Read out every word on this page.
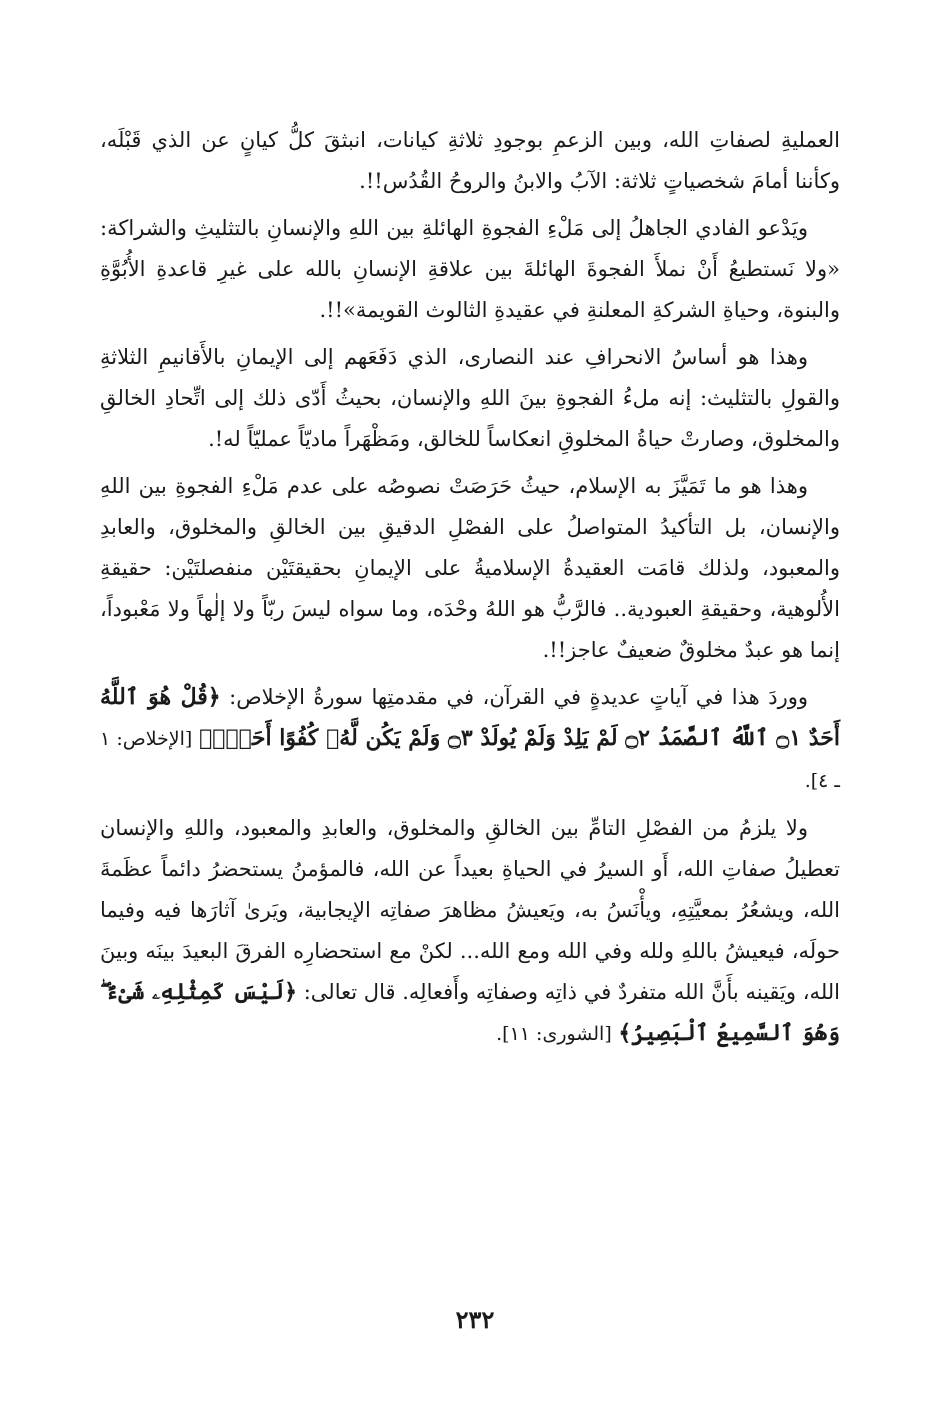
العمليةِ لصفاتِ الله، وبين الزعمِ بوجودِ ثلاثةِ كيانات، انبثقَ كلُّ كيانٍ عن الذي قَبْلَه، وكأننا أمامَ شخصياتٍ ثلاثة: الآبُ والابنُ والروحُ القُدُس!!.

ويَدْعو الفادي الجاهلُ إلى مَلْءِ الفجوةِ الهائلةِ بين اللهِ والإنسانِ بالتثليثِ والشراكة: «ولا نَستطيعُ أَنْ نملأَ الفجوةَ الهائلةَ بين علاقةِ الإنسانِ بالله على غيرِ قاعدةِ الأُبُوَّةِ والبنوة، وحياةِ الشركةِ المعلنةِ في عقيدةِ الثالوث القويمة»!!.

وهذا هو أساسُ الانحرافِ عند النصارى، الذي دَفَعَهم إلى الإيمانِ بالأَقانيمِ الثلاثةِ والقولِ بالتثليث: إنه ملءُ الفجوةِ بينَ اللهِ والإنسان، بحيثُ أَدّى ذلك إلى اتِّحادِ الخالقِ والمخلوق، وصارتْ حياةُ المخلوقِ انعكاساً للخالق، ومَظْهَراً ماديّاً عمليّاً له!.

وهذا هو ما تَمَيَّزَ به الإسلام، حيثُ حَرَصَتْ نصوصُه على عدم مَلْءِ الفجوةِ بين اللهِ والإنسان، بل التأكيدُ المتواصلُ على الفصْلِ الدقيقِ بين الخالقِ والمخلوق، والعابدِ والمعبود، ولذلك قامَت العقيدةُ الإسلاميةُ على الإيمانِ بحقيقتَيْن منفصلتَيْن: حقيقةِ الأُلوهية، وحقيقةِ العبودية.. فالرَّبُّ هو اللهُ وحْدَه، وما سواه ليسَ ربّاً ولا إلٰهاً ولا مَعْبوداً، إنما هو عبدٌ مخلوقٌ ضعيفٌ عاجز!!.

ووردَ هذا في آياتٍ عديدةٍ في القرآن، في مقدمتِها سورةُ الإخلاص: ﴿قُلْ هُوَ ٱللَّهُ أَحَدٌ ۝١ ٱللَّهُ ٱلصَّمَدُ ۝٢ لَمْ يَلِدْ وَلَمْ يُولَدْ ۝٣ وَلَمْ يَكُن لَّهُۥ كُفُوًا أَحَدٌۢ﴾ [الإخلاص: ١ ـ ٤].

ولا يلزمُ من الفصْلِ التامِّ بين الخالقِ والمخلوق، والعابدِ والمعبود، واللهِ والإنسان تعطيلُ صفاتِ الله، أَو السيرُ في الحياةِ بعيداً عن الله، فالمؤمنُ يستحضرُ دائماً عظَمةَ الله، ويشعُرُ بمعيَّتِهِ، ويأْنَسُ به، ويَعيشُ مظاهرَ صفاتِه الإيجابية، ويَرىٰ آثارَها فيه وفيما حولَه، فيعيشُ باللهِ ولله وفي الله ومع الله... لكنْ مع استحضارِه الفرقَ البعيدَ بينَه وبينَ الله، ويَقينه بأَنَّ الله متفردٌ في ذاتِه وصفاتِه وأَفعالِه. قال تعالى: ﴿لَيْسَ كَمِثْلِهِۦ شَىْءٌ ۖ وَهُوَ ٱلسَّمِيعُ ٱلْبَصِيرُ﴾ [الشورى: ١١].

٢٣٢
